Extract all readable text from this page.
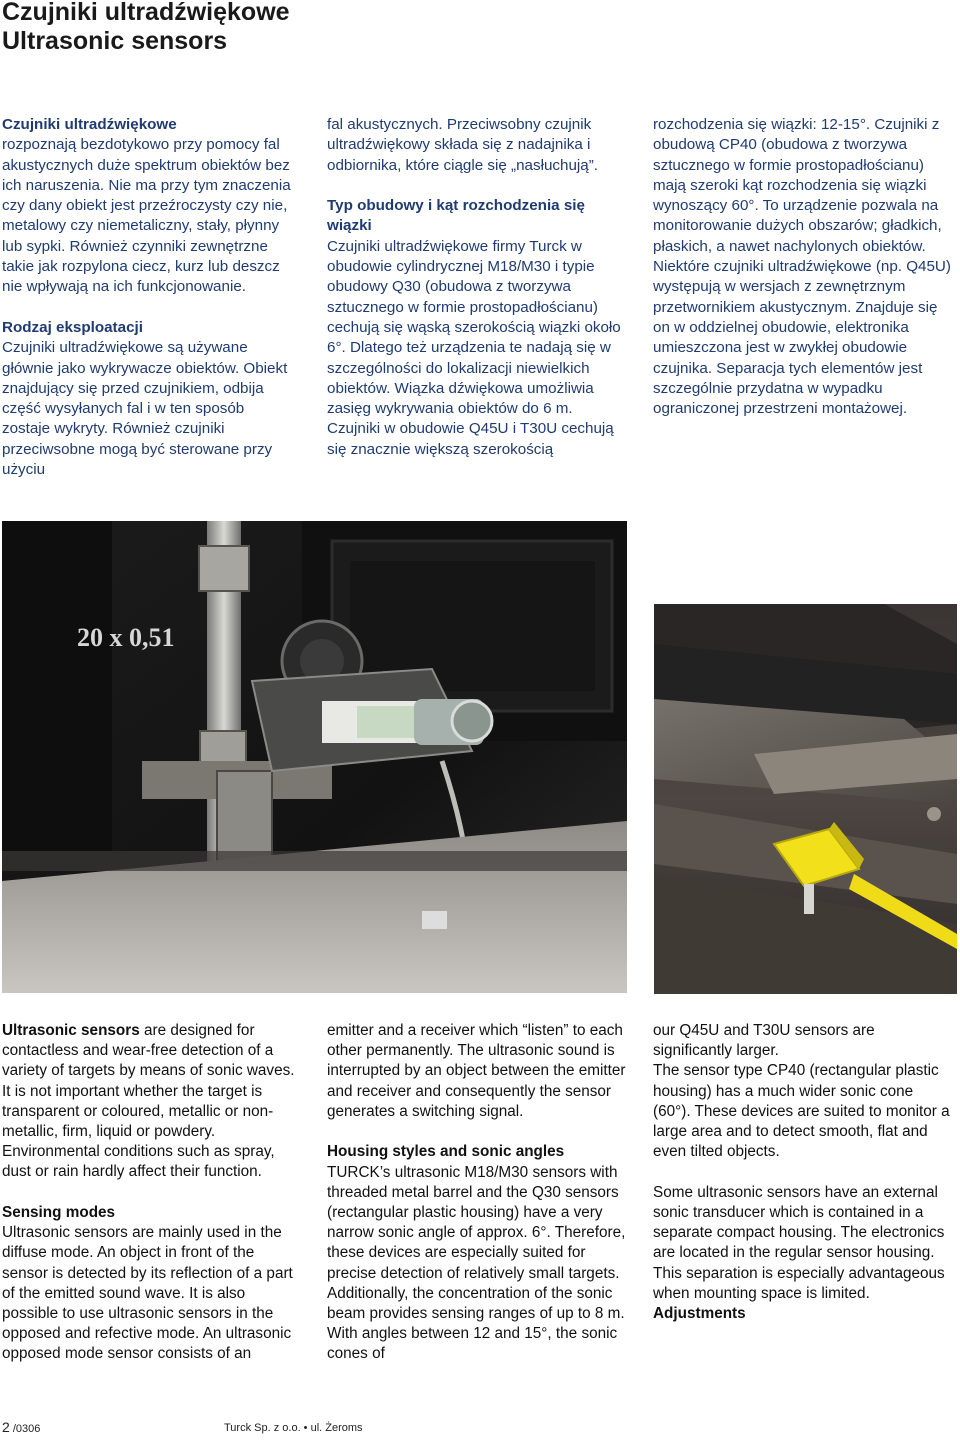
Czujniki ultradźwiękowe
Ultrasonic sensors

Czujniki ultradźwiękowe
rozpoznają bezdotykowo przy pomocy fal akustycznych duże spektrum obiektów bez ich naruszenia. Nie ma przy tym znaczenia czy dany obiekt jest przeźroczysty czy nie, metalowy czy niemetaliczny, stały, płynny lub sypki. Również czynniki zewnętrzne takie jak rozpylona ciecz, kurz lub deszcz nie wpływają na ich funkcjonowanie.

Rodzaj eksploatacji
Czujniki ultradźwiękowe są używane głównie jako wykrywacze obiektów. Obiekt znajdujący się przed czujnikiem, odbija część wysyłanych fal i w ten sposób zostaje wykryty. Również czujniki przeciwsobne mogą być sterowane przy użyciu

fal akustycznych. Przeciwsobny czujnik ultradźwiękowy składa się z nadajnika i odbiornika, które ciągle się „nasłuchują”.

Typ obudowy i kąt rozchodzenia się wiązki
Czujniki ultradźwiękowe firmy Turck w obudowie cylindrycznej M18/M30 i typie obudowy Q30 (obudowa z tworzywa sztucznego w formie prostopadłościanu) cechują się wąską szerokością wiązki około 6°. Dlatego też urządzenia te nadają się w szczególności do lokalizacji niewielkich obiektów. Wiązka dźwiękowa umożliwia zasięg wykrywania obiektów do 6 m. Czujniki w obudowie Q45U i T30U cechują się znacznie większą szerokością

rozchodzenia się wiązki: 12-15°. Czujniki z obudową CP40 (obudowa z tworzywa sztucznego w formie prostopadłościanu) mają szeroki kąt rozchodzenia się wiązki wynoszący 60°. To urządzenie pozwala na monitorowanie dużych obszarów; gładkich, płaskich, a nawet nachylonych obiektów. Niektóre czujniki ultradźwiękowe (np. Q45U) występują w wersjach z zewnętrznym przetwornikiem akustycznym. Znajduje się on w oddzielnej obudowie, elektronika umieszczona jest w zwykłej obudowie czujnika. Separacja tych elementów jest szczególnie przydatna w wypadku ograniczonej przestrzeni montażowej.

20 x 0,51

Ultrasonic sensors are designed for contactless and wear-free detection of a variety of targets by means of sonic waves. It is not important whether the target is transparent or coloured, metallic or non-metallic, firm, liquid or powdery. Environmental conditions such as spray, dust or rain hardly affect their function.

Sensing modes
Ultrasonic sensors are mainly used in the diffuse mode. An object in front of the sensor is detected by its reflection of a part of the emitted sound wave. It is also possible to use ultrasonic sensors in the opposed and refective mode. An ultrasonic opposed mode sensor consists of an

emitter and a receiver which “listen” to each other permanently. The ultrasonic sound is interrupted by an object between the emitter and receiver and consequently the sensor generates a switching signal.

Housing styles and sonic angles
TURCK’s ultrasonic M18/M30 sensors with threaded metal barrel and the Q30 sensors (rectangular plastic housing) have a very narrow sonic angle of approx. 6°. Therefore, these devices are especially suited for precise detection of relatively small targets. Additionally, the concentration of the sonic beam provides sensing ranges of up to 8 m. With angles between 12 and 15°, the sonic cones of

our Q45U and T30U sensors are significantly larger.

The sensor type CP40 (rectangular plastic housing) has a much wider sonic cone (60°). These devices are suited to monitor a large area and to detect smooth, flat and even tilted objects.

Some ultrasonic sensors have an external sonic transducer which is contained in a separate compact housing. The electronics are located in the regular sensor housing. This separation is especially advantageous when mounting space is limited.
Adjustments

2 /0306	Turck Sp. z o.o. • ul. Żeroms
